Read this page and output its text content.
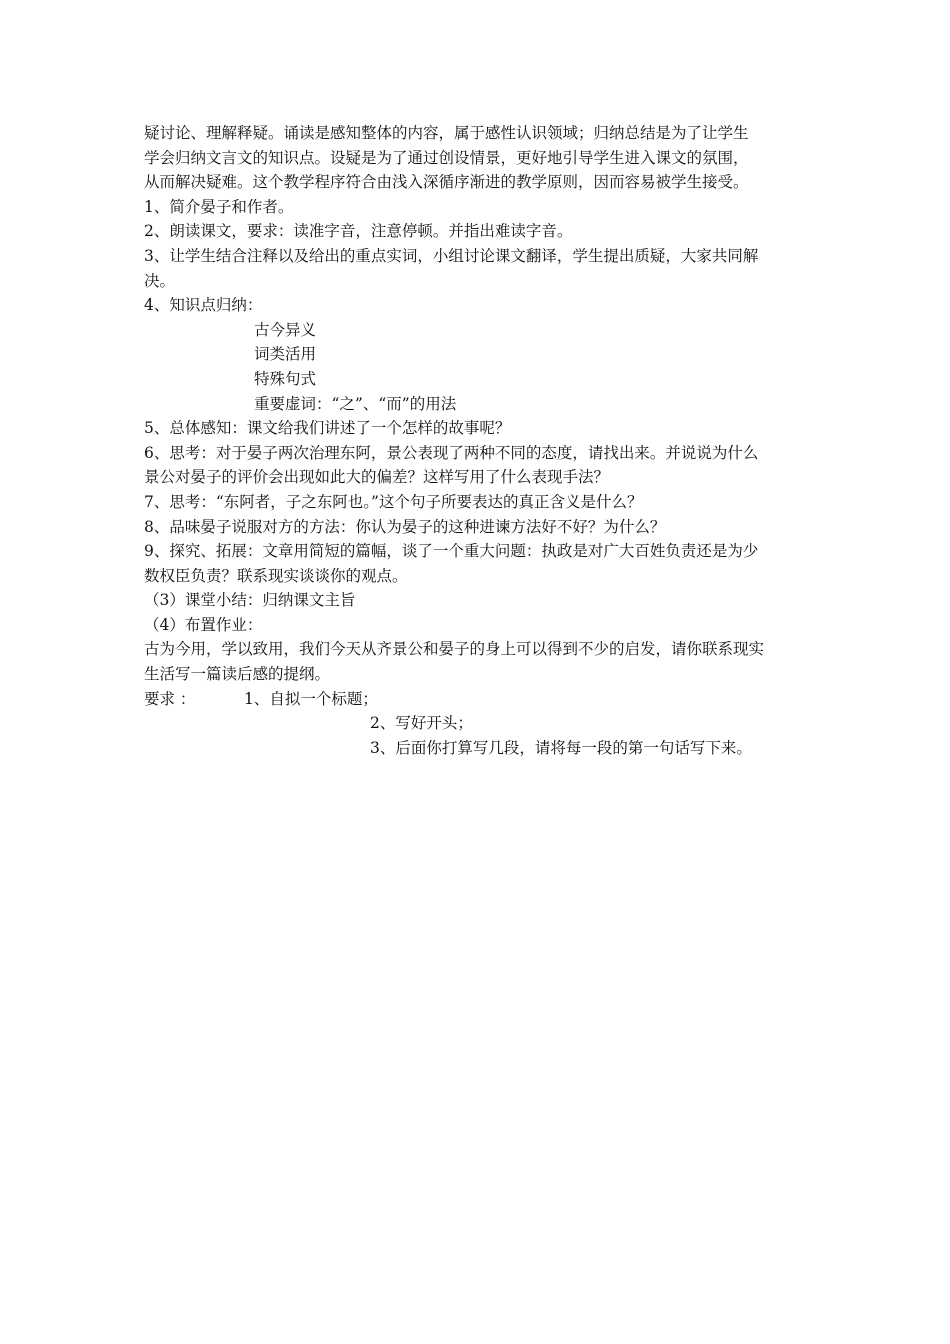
疑讨论、理解释疑。诵读是感知整体的内容，属于感性认识领域；归纳总结是为了让学生

学会归纳文言文的知识点。设疑是为了通过创设情景，更好地引导学生进入课文的氛围，

从而解决疑难。这个教学程序符合由浅入深循序渐进的教学原则，因而容易被学生接受。

1、简介晏子和作者。

2、朗读课文，要求：读准字音，注意停顿。并指出难读字音。

3、让学生结合注释以及给出的重点实词，小组讨论课文翻译，学生提出质疑，大家共同解

决。

4、知识点归纳：

古今异义

词类活用

特殊句式

重要虚词：“之”、“而”的用法

5、总体感知：课文给我们讲述了一个怎样的故事呢？

6、思考：对于晏子两次治理东阿，景公表现了两种不同的态度，请找出来。并说说为什么

景公对晏子的评价会出现如此大的偏差？这样写用了什么表现手法？

7、思考：“东阿者，子之东阿也。”这个句子所要表达的真正含义是什么？

8、品味晏子说服对方的方法：你认为晏子的这种进谏方法好不好？为什么？

9、探究、拓展：文章用简短的篇幅，谈了一个重大问题：执政是对广大百姓负责还是为少

数权臣负责？联系现实谈谈你的观点。

（3）课堂小结：归纳课文主旨

（4）布置作业：

古为今用，学以致用，我们今天从齐景公和晏子的身上可以得到不少的启发，请你联系现实

生活写一篇读后感的提纲。

要求 ：	1、自拟一个标题；

2、写好开头；

3、后面你打算写几段，请将每一段的第一句话写下来。
